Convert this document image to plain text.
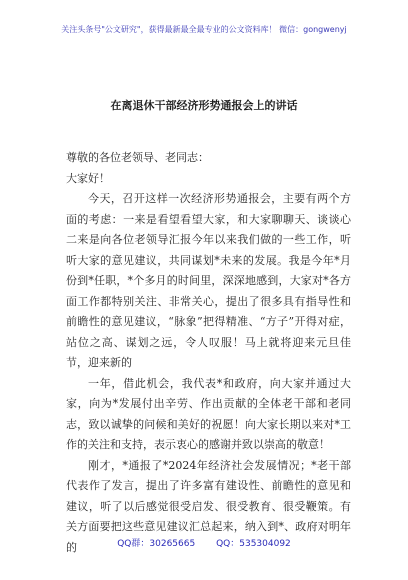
关注头条号"公文研究"，获得最新最全最专业的公文资料库！ 微信：gongwenyj
在离退休干部经济形势通报会上的讲话

尊敬的各位老领导、老同志：

大家好！

今天，召开这样一次经济形势通报会，主要有两个方面的考虑：一来是看望看望大家，和大家聊聊天、谈谈心二来是向各位老领导汇报今年以来我们做的一些工作，听听大家的意见建议，共同谋划*未来的发展。我是今年*月份到*任职，*个多月的时间里，深深地感到，大家对*各方面工作都特别关注、非常关心，提出了很多具有指导性和前瞻性的意见建议，“脉象”把得精准、“方子”开得对症，站位之高、谋划之远，令人叹服！马上就将迎来元旦佳节，迎来新的

一年，借此机会，我代表*和政府，向大家并通过大家，向为*发展付出辛劳、作出贡献的全体老干部和老同志，致以诚挚的问候和美好的祝愿！向大家长期以来对*工作的关注和支持，表示衷心的感谢并致以崇高的敬意！

刚才，*通报了*2024年经济社会发展情况；*老干部代表作了发言，提出了许多富有建设性、前瞻性的意见和建议，听了以后感觉很受启发、很受教育、很受鞭策。有关方面要把这些意见建议汇总起来，纳入到*、政府对明年的	QQ群：30265665 QQ：535304092
